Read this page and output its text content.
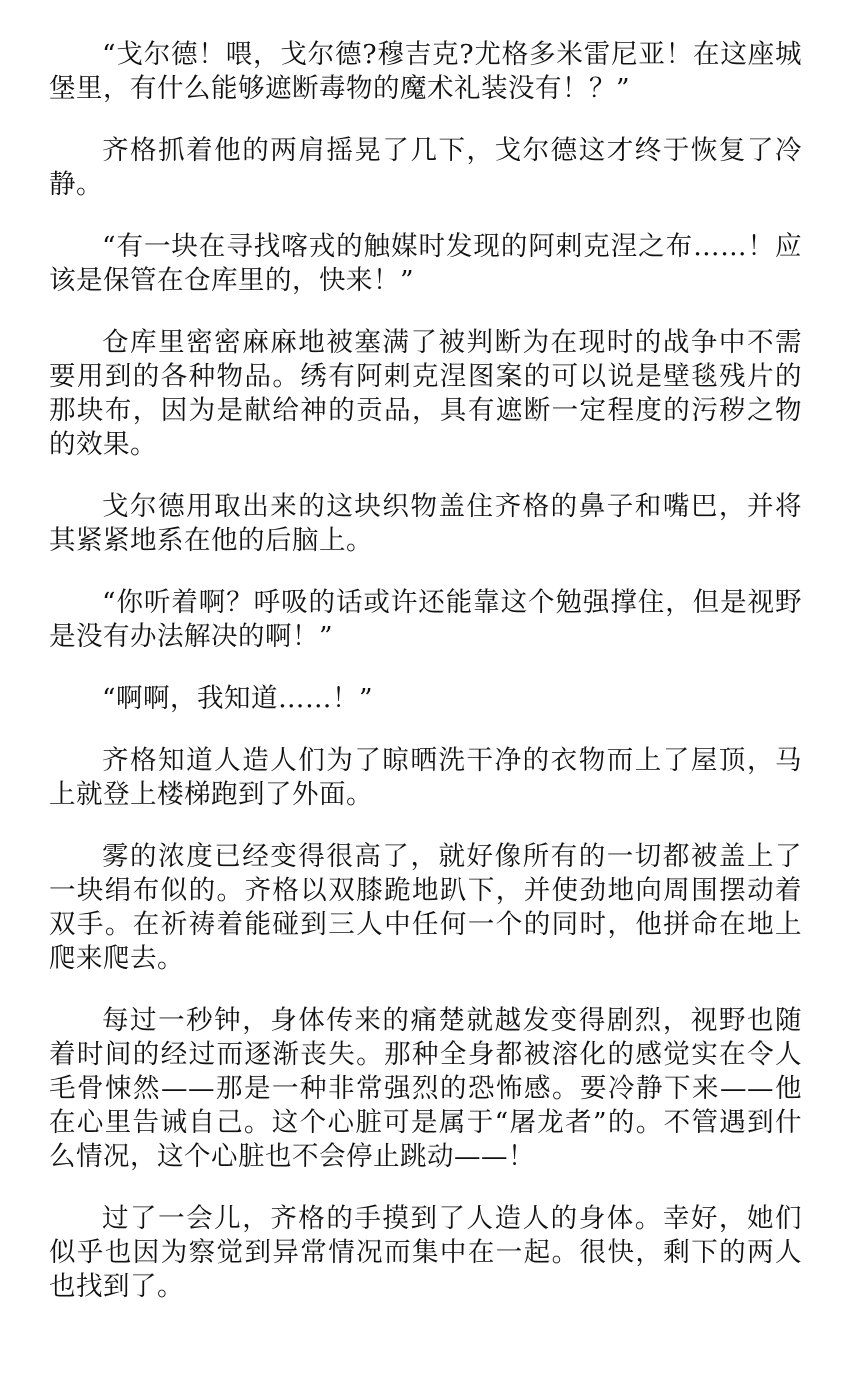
“戈尔德！喂，戈尔德?穆吉克?尤格多米雷尼亚！在这座城堡里，有什么能够遮断毒物的魔术礼装没有！？”

齐格抓着他的两肩摇晃了几下，戈尔德这才终于恢复了冷静。

“有一块在寻找喀戎的触媒时发现的阿剌克涅之布……！应该是保管在仓库里的，快来！”

仓库里密密麻麻地被塞满了被判断为在现时的战争中不需要用到的各种物品。绣有阿剌克涅图案的可以说是壁毯残片的那块布，因为是献给神的贡品，具有遮断一定程度的污秽之物的效果。

戈尔德用取出来的这块织物盖住齐格的鼻子和嘴巴，并将其紧紧地系在他的后脑上。

“你听着啊？呼吸的话或许还能靠这个勉强撑住，但是视野是没有办法解决的啊！”

“啊啊，我知道……！”

齐格知道人造人们为了晾晒洗干净的衣物而上了屋顶，马上就登上楼梯跑到了外面。

雾的浓度已经变得很高了，就好像所有的一切都被盖上了一块绢布似的。齐格以双膝跪地趴下，并使劲地向周围摆动着双手。在祈祷着能碰到三人中任何一个的同时，他拼命在地上爬来爬去。

每过一秒钟，身体传来的痛楚就越发变得剧烈，视野也随着时间的经过而逐渐丧失。那种全身都被溶化的感觉实在令人毛骨悚然——那是一种非常强烈的恐怖感。要冷静下来——他在心里告诫自己。这个心脏可是属于“屠龙者”的。不管遇到什么情况，这个心脏也不会停止跳动——！

过了一会儿，齐格的手摸到了人造人的身体。幸好，她们似乎也因为察觉到异常情况而集中在一起。很快，剩下的两人也找到了。
